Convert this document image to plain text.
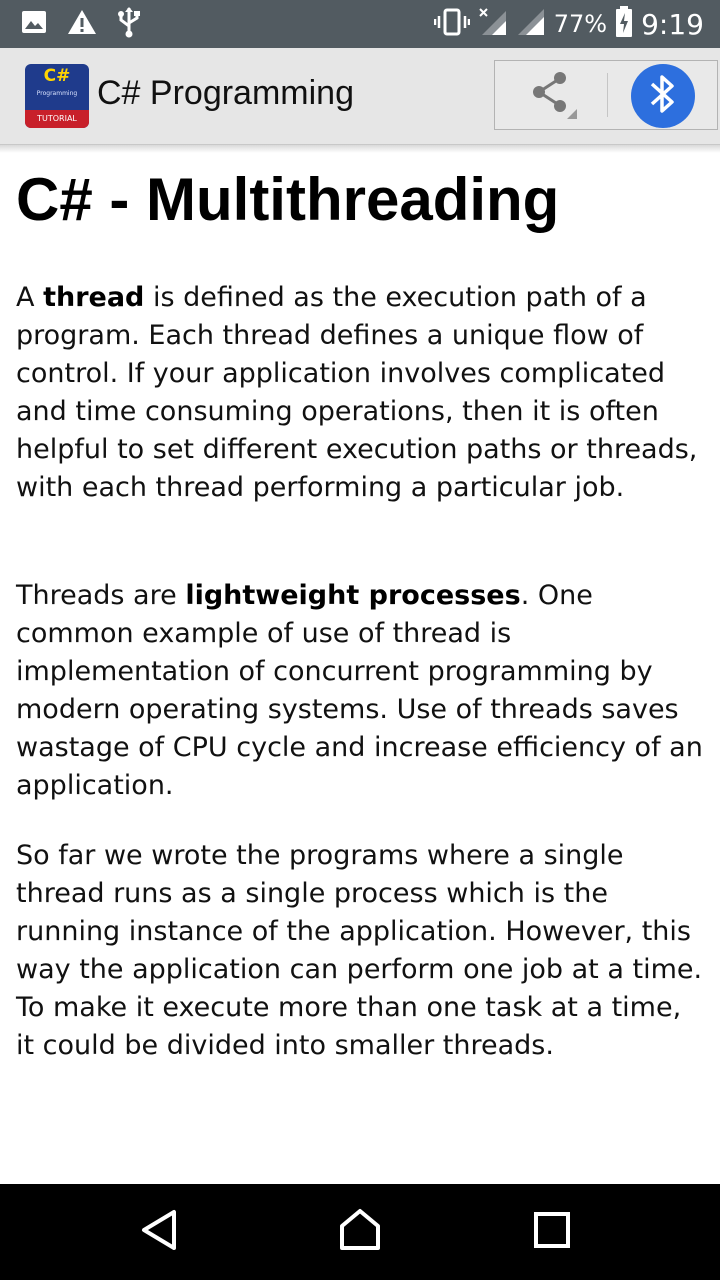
77% 9:19
C#
Programming
TUTORIAL
C# Programming
C# - Multithreading

A thread is defined as the execution path of a program. Each thread defines a unique flow of control. If your application involves complicated and time consuming operations, then it is often helpful to set different execution paths or threads, with each thread performing a particular job.

Threads are lightweight processes. One common example of use of thread is implementation of concurrent programming by modern operating systems. Use of threads saves wastage of CPU cycle and increase efficiency of an application.

So far we wrote the programs where a single thread runs as a single process which is the running instance of the application. However, this way the application can perform one job at a time. To make it execute more than one task at a time, it could be divided into smaller threads.
